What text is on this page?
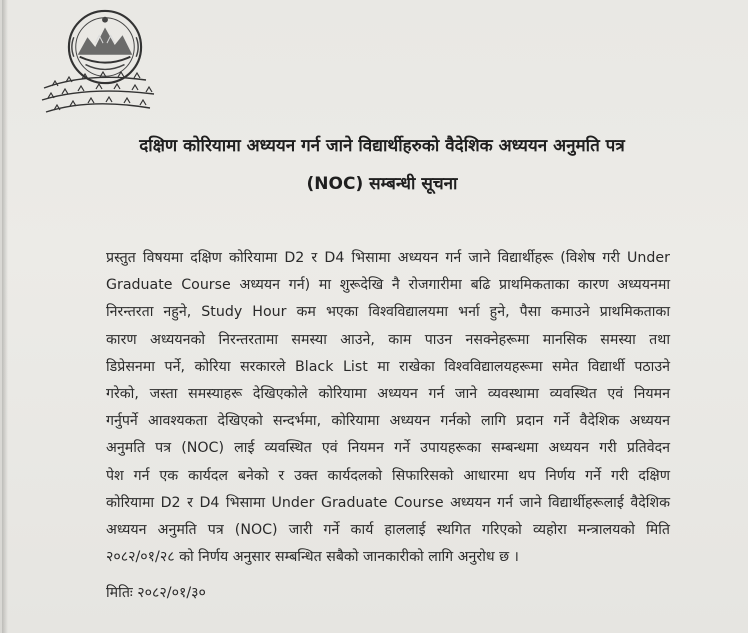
दक्षिण कोरियामा अध्ययन गर्न जाने विद्यार्थीहरुको वैदेशिक अध्ययन अनुमति पत्र
(NOC) सम्बन्धी सूचना
प्रस्तुत विषयमा दक्षिण कोरियामा D2 र D4 भिसामा अध्ययन गर्न जाने विद्यार्थीहरू (विशेष गरी Under
Graduate Course अध्ययन गर्न) मा शुरूदेखि नै रोजगारीमा बढि प्राथमिकताका कारण अध्ययनमा
निरन्तरता नहुने, Study Hour कम भएका विश्वविद्यालयमा भर्ना हुने, पैसा कमाउने प्राथमिकताका
कारण अध्ययनको निरन्तरतामा समस्या आउने, काम पाउन नसक्नेहरूमा मानसिक समस्या तथा
डिप्रेसनमा पर्ने, कोरिया सरकारले Black List मा राखेका विश्वविद्यालयहरूमा समेत विद्यार्थी पठाउने
गरेको, जस्ता समस्याहरू देखिएकोले कोरियामा अध्ययन गर्न जाने व्यवस्थामा व्यवस्थित एवं नियमन
गर्नुपर्ने आवश्यकता देखिएको सन्दर्भमा, कोरियामा अध्ययन गर्नको लागि प्रदान गर्ने वैदेशिक अध्ययन
अनुमति पत्र (NOC) लाई व्यवस्थित एवं नियमन गर्ने उपायहरूका सम्बन्धमा अध्ययन गरी प्रतिवेदन
पेश गर्न एक कार्यदल बनेको र उक्त कार्यदलको सिफारिसको आधारमा थप निर्णय गर्ने गरी दक्षिण
कोरियामा D2 र D4 भिसामा Under Graduate Course अध्ययन गर्न जाने विद्यार्थीहरूलाई वैदेशिक
अध्ययन अनुमति पत्र (NOC) जारी गर्ने कार्य हाललाई स्थगित गरिएको व्यहोरा मन्त्रालयको मिति
२०८२/०१/२८ को निर्णय अनुसार सम्बन्धित सबैको जानकारीको लागि अनुरोध छ ।
मितिः २०८२/०१/३०
